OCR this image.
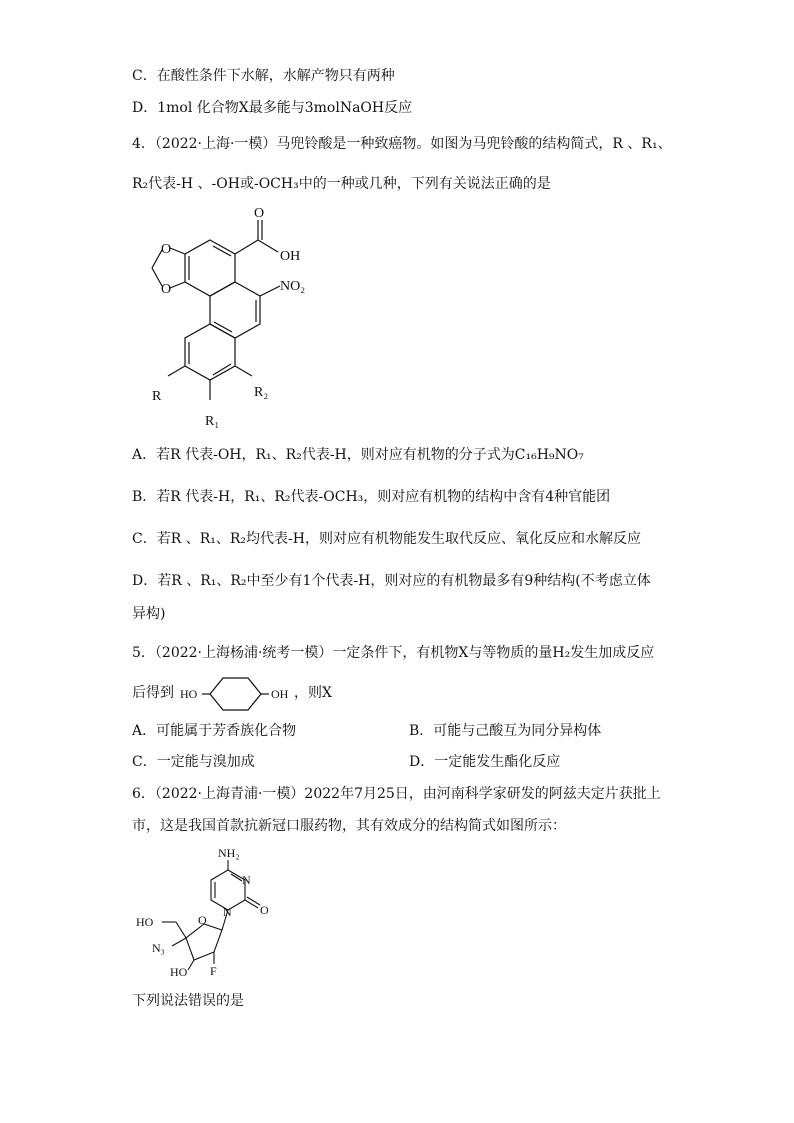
C．在酸性条件下水解，水解产物只有两种
D．1mol 化合物X最多能与3molNaOH反应
4．（2022·上海·一模）马兜铃酸是一种致癌物。如图为马兜铃酸的结构简式，R 、R₁、
R₂代表-H 、-OH或-OCH₃中的一种或几种，下列有关说法正确的是
O
OH
O
O	NO₂
R
R₁
R₂
A．若R 代表-OH，R₁、R₂代表-H，则对应有机物的分子式为C₁₆H₉NO₇
B．若R 代表-H，R₁、R₂代表-OCH₃，则对应有机物的结构中含有4种官能团
C．若R 、R₁、R₂均代表-H，则对应有机物能发生取代反应、氧化反应和水解反应
D．若R 、R₁、R₂中至少有1个代表-H，则对应的有机物最多有9种结构(不考虑立体
异构)
5．（2022·上海杨浦·统考一模）一定条件下，有机物X与等物质的量H₂发生加成反应
后得到 HO	OH ，则X
A．可能属于芳香族化合物	B．可能与己酸互为同分异构体
C．一定能与溴加成	D．一定能发生酯化反应
6．（2022·上海青浦·一模）2022年7月25日，由河南科学家研发的阿兹夫定片获批上
市，这是我国首款抗新冠口服药物，其有效成分的结构简式如图所示：
NH₂
N
N O
O
HO
N₃
HO F
下列说法错误的是
